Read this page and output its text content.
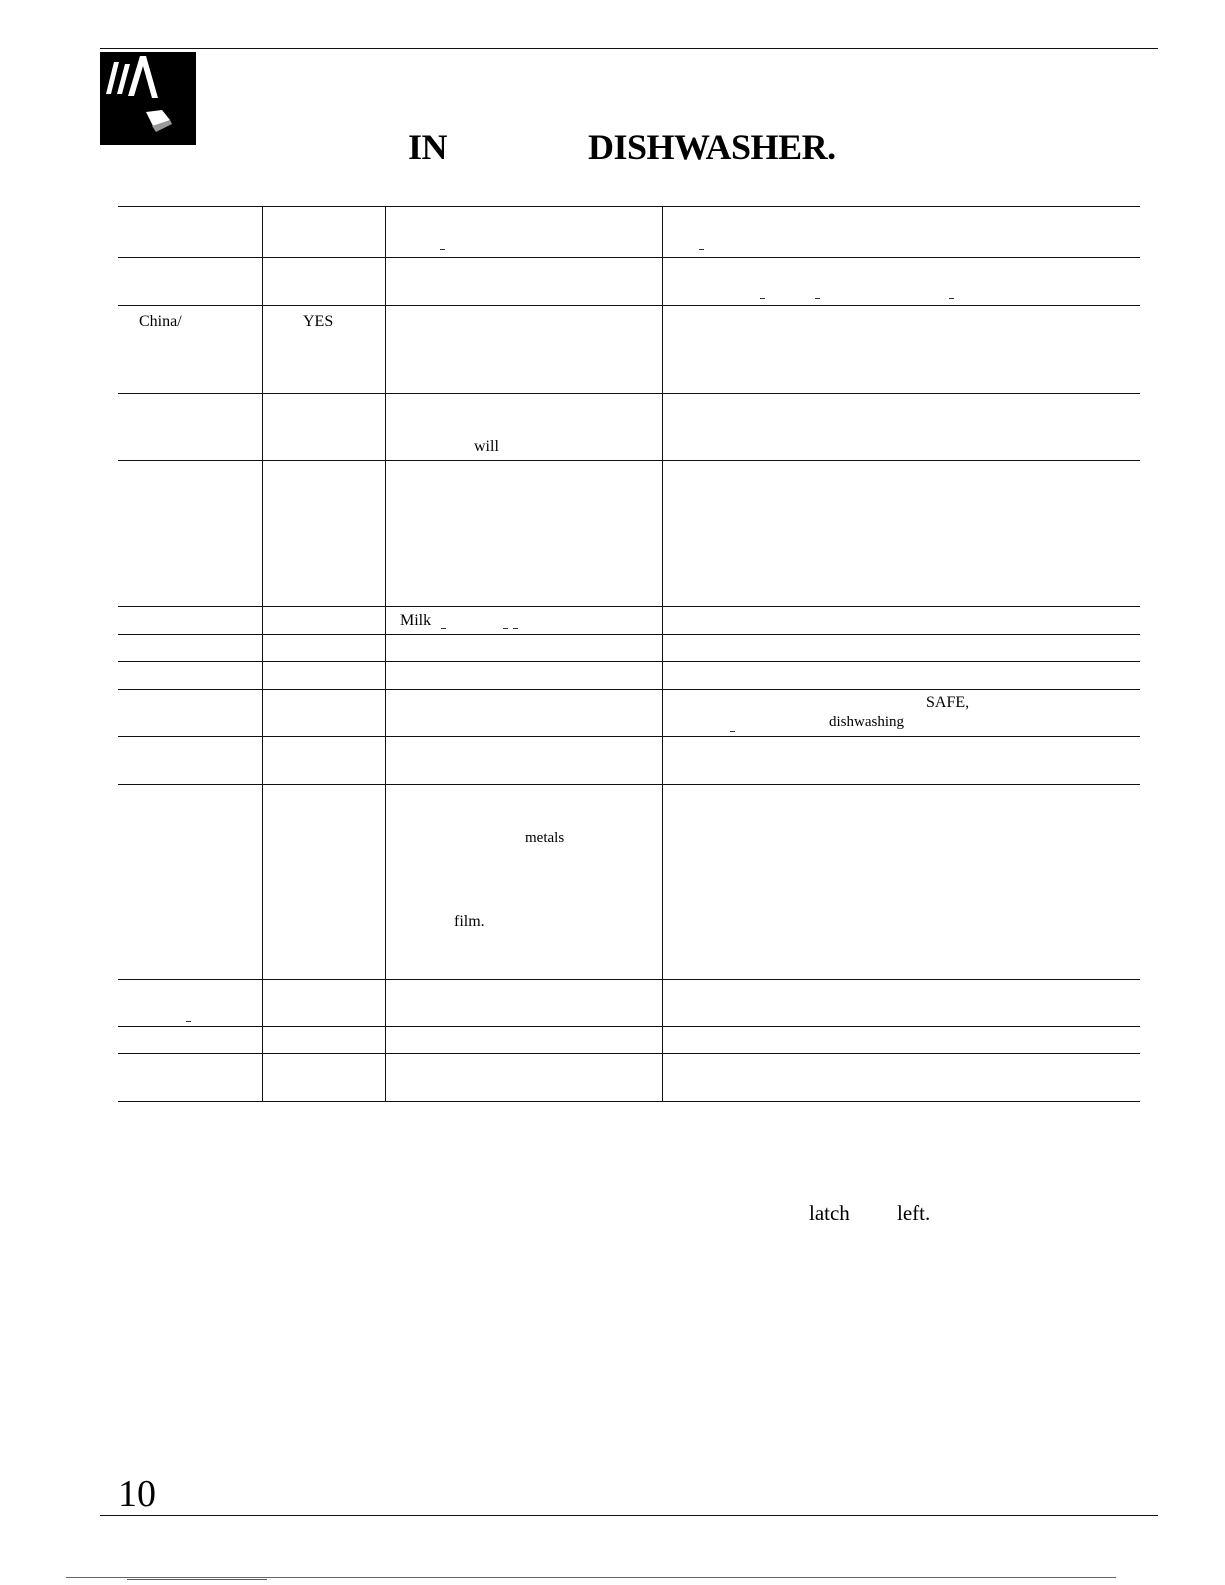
IN	DISHWASHER.
China/	YES
will
Milk
SAFE,
dishwashing
metals
film.
latch left.
10
